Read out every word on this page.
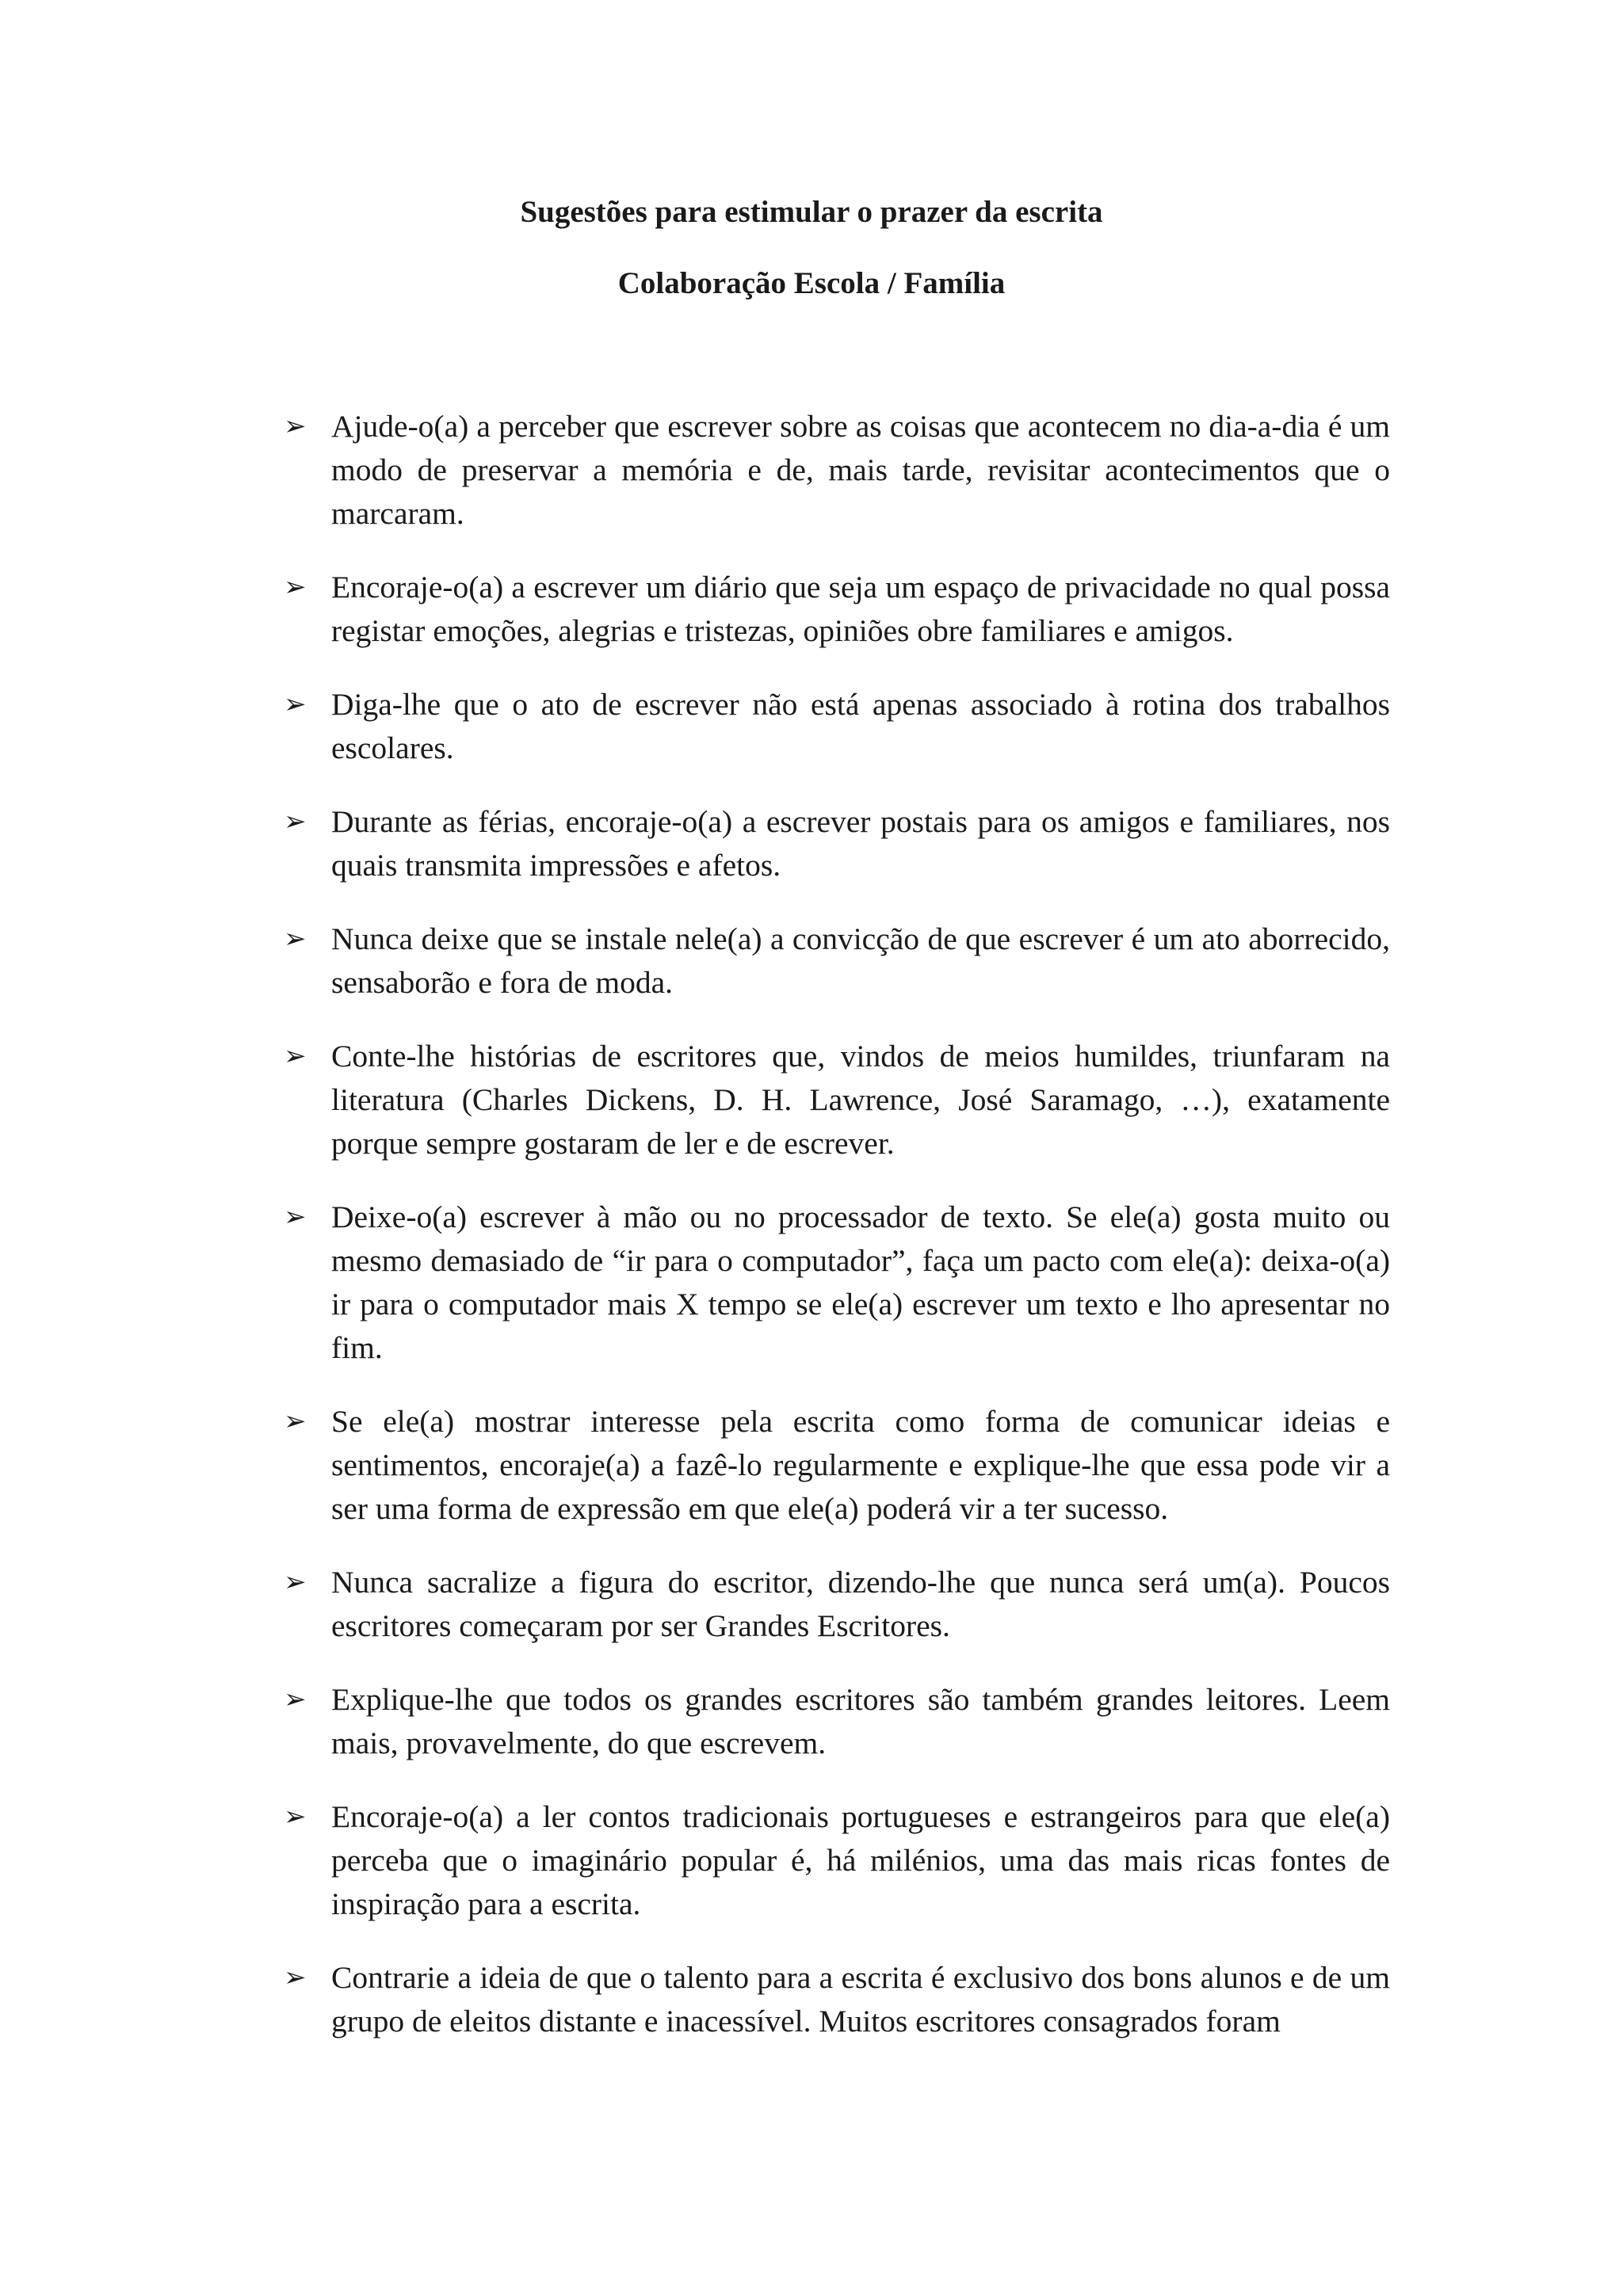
Sugestões para estimular o prazer da escrita
Colaboração Escola / Família
➢ Ajude-o(a) a perceber que escrever sobre as coisas que acontecem no dia-a-dia é um modo de preservar a memória e de, mais tarde, revisitar acontecimentos que o marcaram.
➢ Encoraje-o(a) a escrever um diário que seja um espaço de privacidade no qual possa registar emoções, alegrias e tristezas, opiniões obre familiares e amigos.
➢ Diga-lhe que o ato de escrever não está apenas associado à rotina dos trabalhos escolares.
➢ Durante as férias, encoraje-o(a) a escrever postais para os amigos e familiares, nos quais transmita impressões e afetos.
➢ Nunca deixe que se instale nele(a) a convicção de que escrever é um ato aborrecido, sensaborão e fora de moda.
➢ Conte-lhe histórias de escritores que, vindos de meios humildes, triunfaram na literatura (Charles Dickens, D. H. Lawrence, José Saramago, …), exatamente porque sempre gostaram de ler e de escrever.
➢ Deixe-o(a) escrever à mão ou no processador de texto. Se ele(a) gosta muito ou mesmo demasiado de “ir para o computador”, faça um pacto com ele(a): deixa-o(a) ir para o computador mais X tempo se ele(a) escrever um texto e lho apresentar no fim.
➢ Se ele(a) mostrar interesse pela escrita como forma de comunicar ideias e sentimentos, encoraje(a) a fazê-lo regularmente e explique-lhe que essa pode vir a ser uma forma de expressão em que ele(a) poderá vir a ter sucesso.
➢ Nunca sacralize a figura do escritor, dizendo-lhe que nunca será um(a). Poucos escritores começaram por ser Grandes Escritores.
➢ Explique-lhe que todos os grandes escritores são também grandes leitores. Leem mais, provavelmente, do que escrevem.
➢ Encoraje-o(a) a ler contos tradicionais portugueses e estrangeiros para que ele(a) perceba que o imaginário popular é, há milénios, uma das mais ricas fontes de inspiração para a escrita.
➢ Contrarie a ideia de que o talento para a escrita é exclusivo dos bons alunos e de um grupo de eleitos distante e inacessível. Muitos escritores consagrados foram
